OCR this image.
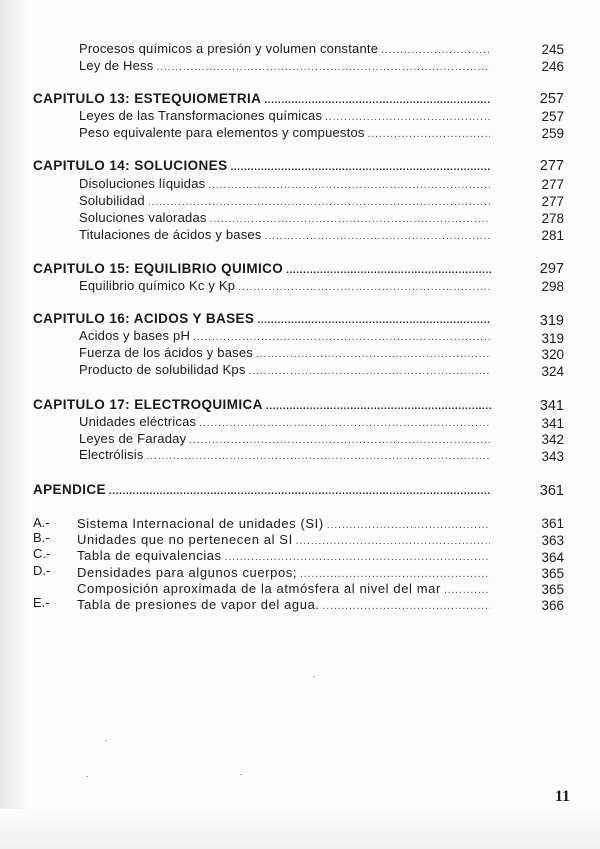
Procesos químicos a presión y volumen constante .....	245
Ley de Hess .....	246
CAPITULO 13: ESTEQUIOMETRIA .....	257
Leyes de las Transformaciones químicas .....	257
Peso equivalente para elementos y compuestos .....	259
CAPITULO 14: SOLUCIONES .....	277
Disoluciones líquidas .....	277
Solubilidad .....	277
Soluciones valoradas .....	278
Titulaciones de ácidos y bases .....	281
CAPITULO 15: EQUILIBRIO QUIMICO .....	297
Equilibrio químico Kc y Kp .....	298
CAPITULO 16: ACIDOS Y BASES .....	319
Acidos y bases pH .....	319
Fuerza de los ácidos y bases .....	320
Producto de solubilidad Kps .....	324
CAPITULO 17: ELECTROQUIMICA .....	341
Unidades eléctricas .....	341
Leyes de Faraday .....	342
Electrólisis .....	343
APENDICE .....	361
A.- Sistema Internacional de unidades (SI) .....	361
B.- Unidades que no pertenecen al SI .....	363
C.- Tabla de equivalencias .....	364
D.- Densidades para algunos cuerpos; .....	365
Composición aproximada de la atmósfera al nivel del mar .....	365
E.- Tabla de presiones de vapor del agua. .....	366
11
